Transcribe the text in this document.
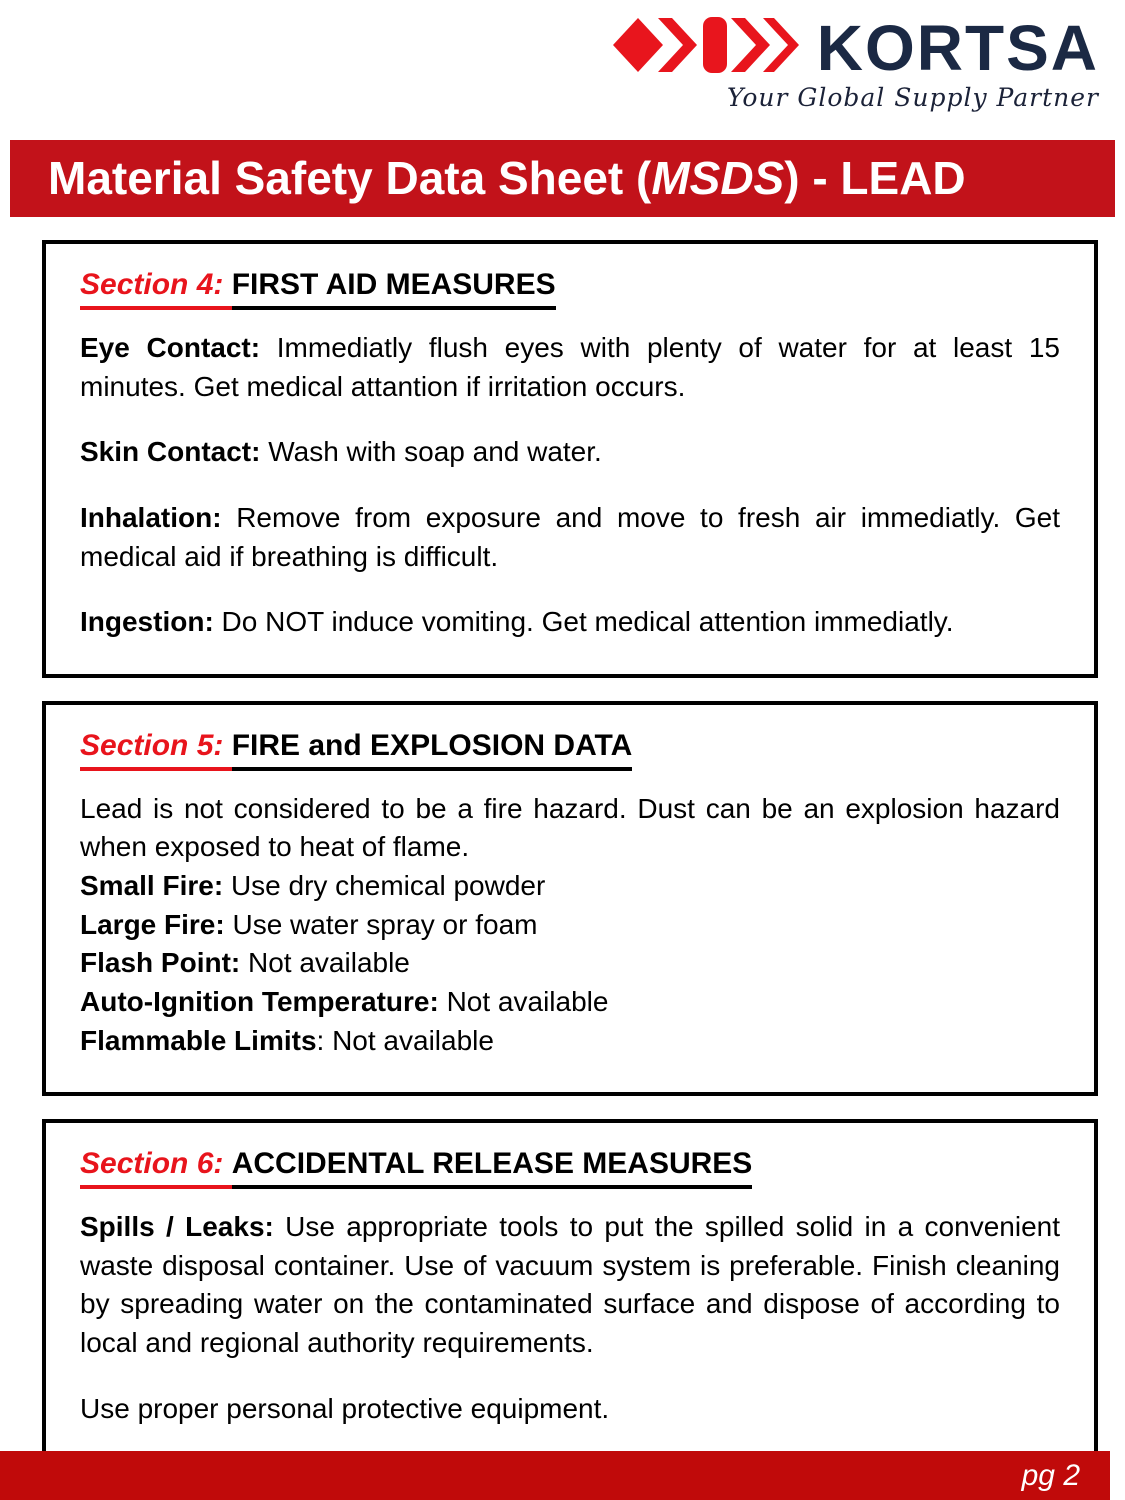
KORTSA
Your Global Supply Partner
Material Safety Data Sheet (MSDS) - LEAD
Section 4: FIRST AID MEASURES

Eye Contact: Immediatly flush eyes with plenty of water for at least 15 minutes. Get medical attantion if irritation occurs.

Skin Contact: Wash with soap and water.

Inhalation: Remove from exposure and move to fresh air immediatly. Get medical aid if breathing is difficult.

Ingestion: Do NOT induce vomiting. Get medical attention immediatly.

Section 5: FIRE and EXPLOSION DATA

Lead is not considered to be a fire hazard. Dust can be an explosion hazard when exposed to heat of flame.

Small Fire: Use dry chemical powder

Large Fire: Use water spray or foam

Flash Point: Not available

Auto-Ignition Temperature: Not available

Flammable Limits: Not available

Section 6: ACCIDENTAL RELEASE MEASURES

Spills / Leaks: Use appropriate tools to put the spilled solid in a convenient waste disposal container. Use of vacuum system is preferable. Finish cleaning by spreading water on the contaminated surface and dispose of according to local and regional authority requirements.

Use proper personal protective equipment.

pg 2
